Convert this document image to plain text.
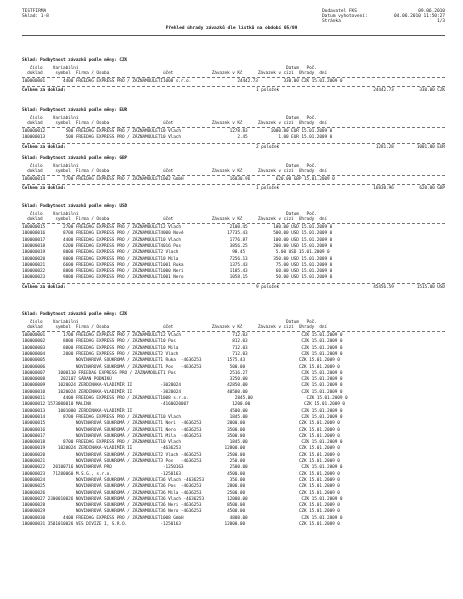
TESTFIRMA
Sklad: 1-8
Dodavatel FKS	09.06.2010
Datum vyhotovení:	04.06.2010 11:50:27
Stránka	1/3
Přehled úhrady závazků dle lístků na období 05/09
Sklad: Podbytnost závazků podle měny: CZK
číslo    Variabilní                                                                                 Datum   Poč.
doklad     symbol  Firma / Osoba                     účet               Závazek v Kč      Závazek v cizí  Úhrady  dní
100000001       4400 FREEDAG EXPRESS PRO / ZÁZNAMOÚLETÍ1008 s.r.o.                  24442.73          330.00 CZK 15.01.2009 0
Celkem za doklad:	1 položek	24442.73          330.00 CZK
Sklad: Podbytnost závazků podle měny: EUR
číslo    Variabilní                                                                                 Datum   Poč.
doklad     symbol  Firma / Osoba                     účet               Závazek v Kč      Závazek v cizí  Úhrady  dní
100000012        500 FREEDAG EXPRESS PRO / ZÁZNAMOÚLET10 Vlach                   1278.83         1000.00 EUR 15.01.2009 0
100000013        500 FREEDAG EXPRESS PRO / ZÁZNAMOÚLET10 Vlach                      2.45            1.00 EUR 15.01.2009 0
Celkem za doklad:	2 položek	1281.28         1001.00 EUR
Sklad: Podbytnost závazků podle měny: GBP
číslo    Variabilní                                                                                 Datum   Poč.
doklad     symbol  Firma / Osoba                     účet               Závazek v Kč      Závazek v cizí  Úhrady  dní
100000014       7700 FREEDAG EXPRESS PRO / ZÁZNAMOÚLET1002 GmbH                  16830.96          620.00 GBP 15.01.2009 0
Celkem za doklad:	1 položek	16830.96          620.00 GBP
Sklad: Podbytnost závazků podle měny: USD
číslo    Variabilní                                                                                 Datum   Poč.
doklad     symbol  Firma / Osoba                     účet               Závazek v Kč      Závazek v cizí  Úhrady  dní
100000015       2700 FREEDAG EXPRESS PRO / ZÁZNAMOÚLET12 Vlach                   2100.45          100.00 USD 15.01.2009 0
100000016       8700 FREEDAG EXPRESS PRO / ZÁZNAMOÚLET4000 Nové                 17735.43          500.00 USD 15.01.2009 0
100000017       4400 FREEDAG EXPRESS PRO / ZÁZNAMOÚLET10 Vlach                   1776.87          100.00 USD 15.01.2009 0
100000018       6200 FREEDAG EXPRESS PRO / ZÁZNAMOÚLET4016 Pos                   3856.25          200.00 USD 15.01.2009 0
100000019       8000 FREEDAG EXPRESS PRO / ZÁZNAMOÚLET2 Vlach                     98.45            5.00 USD 15.01.2009 0
100000020       8000 FREEDAG EXPRESS PRO / ZÁZNAMOÚLET10 Mila                    7256.13          350.00 USD 15.01.2009 0
100000021       6600 FREEDAG EXPRESS PRO / ZÁZNAMOÚLET1001 Ruka                  1375.43           75.00 USD 15.01.2009 0
100000022       8800 FREEDAG EXPRESS PRO / ZÁZNAMOÚLET1000 Neri                  1185.43           60.00 USD 15.01.2009 0
100000023       9000 FREEDAG EXPRESS PRO / ZÁZNAMOÚLET1001 Nero                  1058.15           50.00 USD 15.01.2009 0
Celkem za doklad:	9 položek	45456.59         1515.00 USD
Sklad: Podbytnost závazků podle měny: CZK
číslo    Variabilní                                                                                 Datum   Poč.
doklad     symbol  Firma / Osoba                     účet               Závazek v Kč      Závazek v cizí  Úhrady  dní
100000001       1700 FREEDAG EXPRESS PRO / ZÁZNAMOÚLET12 Vlach                    712.03                     CZK 15.01.2009 0
100000002       8800 FREEDAG EXPRESS PRO / ZÁZNAMOÚLET10 Pos                      812.03                     CZK 15.01.2009 0
100000003       8800 FREEDAG EXPRESS PRO / ZÁZNAMOÚLET10 Mila                     712.03                     CZK 15.01.2009 0
100000004       2000 FREEDAG EXPRESS PRO / ZÁZNAMOÚLET2 Vlach                     712.03                     CZK 15.01.2009 0
100000005            NOVINAROVÁ SOUKROMÁ / ZÁZNAMOÚLET1 Ruka  -4636253          1575.43                     CZK 15.01.2009 0
100000006            NOVINAROVÁ SOUKROMÁ / ZÁZNAMOÚLET1 Pos   -4636253           500.00                     CZK 15.01.2009 0
100000007     1000110 FREEDAG EXPRESS PRO / ZÁZNAMOÚLET1 Pos                     2516.27                     CZK 15.01.2009 0
100000008      202107 SÁRAN PODNIKÚ                                              3250.00                     CZK 15.01.2009 0
100000009     1020024 ZERDINAKA-VLADIMÍR II           -3020024                  42850.00                     CZK 15.01.2009 0
100000010     1020024 ZERDINAKA-VLADIMÍR II           -3020024                  40500.00                     CZK 15.01.2009 0
100000011       4400 FREEDAG EXPRESS PRO / ZÁZNAMOÚLET1008 s.r.o.                  2845.00                     CZK 15.01.2009 0
100000012 1573000010 MALINA                           -4160020007                 1200.00                     CZK 15.01.2009 0
100000013     1001000 ZERDINAKA-VLADIMÍR II                                      4500.00                     CZK 15.01.2009 0
100000014       8700 FREEDAG EXPRESS PRO / ZÁZNAMOÚLET10 Vlach                   1845.00                     CZK 15.01.2009 0
100000015            NOVINAROVÁ SOUKROMÁ / ZÁZNAMOÚLET1 Neri  -4636253          2000.00                     CZK 15.01.2009 0
100000016            NOVINAROVÁ SOUKROMÁ / ZÁZNAMOÚLET1 Nero  -4636253          3500.00                     CZK 15.01.2009 0
100000017            NOVINAROVÁ SOUKROMÁ / ZÁZNAMOÚLET1 Mila  -4636253          3500.00                     CZK 15.01.2009 0
100000018       8700 FREEDAG EXPRESS PRO / ZÁZNAMOÚLET10 Vlach                   1845.00                     CZK 15.01.2009 0
100000019     1020024 ZERDINAKA-VLADIMÍR II           -4636253                 12800.00                     CZK 15.01.2009 0
100000020            NOVINAROVÁ SOUKROMÁ / ZÁZNAMOÚLET2 Vlach -4636253          2500.00                     CZK 15.01.2009 0
100000021            NOVINAROVÁ SOUKROMÁ / ZÁZNAMOÚLET3 Pos   -4636253           250.00                     CZK 15.01.2009 0
100000022   20100716 NOVINAROVÁ PRO                    -1250163                  2500.00                     CZK 15.01.2009 0
100000023   71200060 M.S.G., s.r.o.                   -1250163                  4500.00                     CZK 15.01.2009 0
100000024            NOVINAROVÁ SOUKROMÁ / ZÁZNAMOÚLET36 Vlach -4636253          356.00                     CZK 15.01.2009 0
100000025            NOVINAROVÁ SOUKROMÁ / ZÁZNAMOÚLET36 Pos  -4636253          2800.00                     CZK 15.01.2009 0
100000026            NOVINAROVÁ SOUKROMÁ / ZÁZNAMOÚLET36 Mila -4636253          2500.00                     CZK 15.01.2009 0
100000027 2300010026 NOVINAROVÁ SOUKROMÁ / ZÁZNAMOÚLET36 Vlach -4636253         12000.00                     CZK 15.01.2009 0
100000028            NOVINAROVÁ SOUKROMÁ / ZÁZNAMOÚLET36 Neri -4636253          8500.00                     CZK 15.01.2009 0
100000029            NOVINAROVÁ SOUKROMÁ / ZÁZNAMOÚLET36 Nero -4636253          4500.00                     CZK 15.01.2009 0
100000030       4400 FREEDAG EXPRESS PRO / ZÁZNAMOÚLET1008 GmbH                  4800.00                     CZK 15.01.2009 0
100000031 3501010026 VES DIVIZE I, S.R.O.             -1250163                 12000.00                     CZK 15.01.2009 0
